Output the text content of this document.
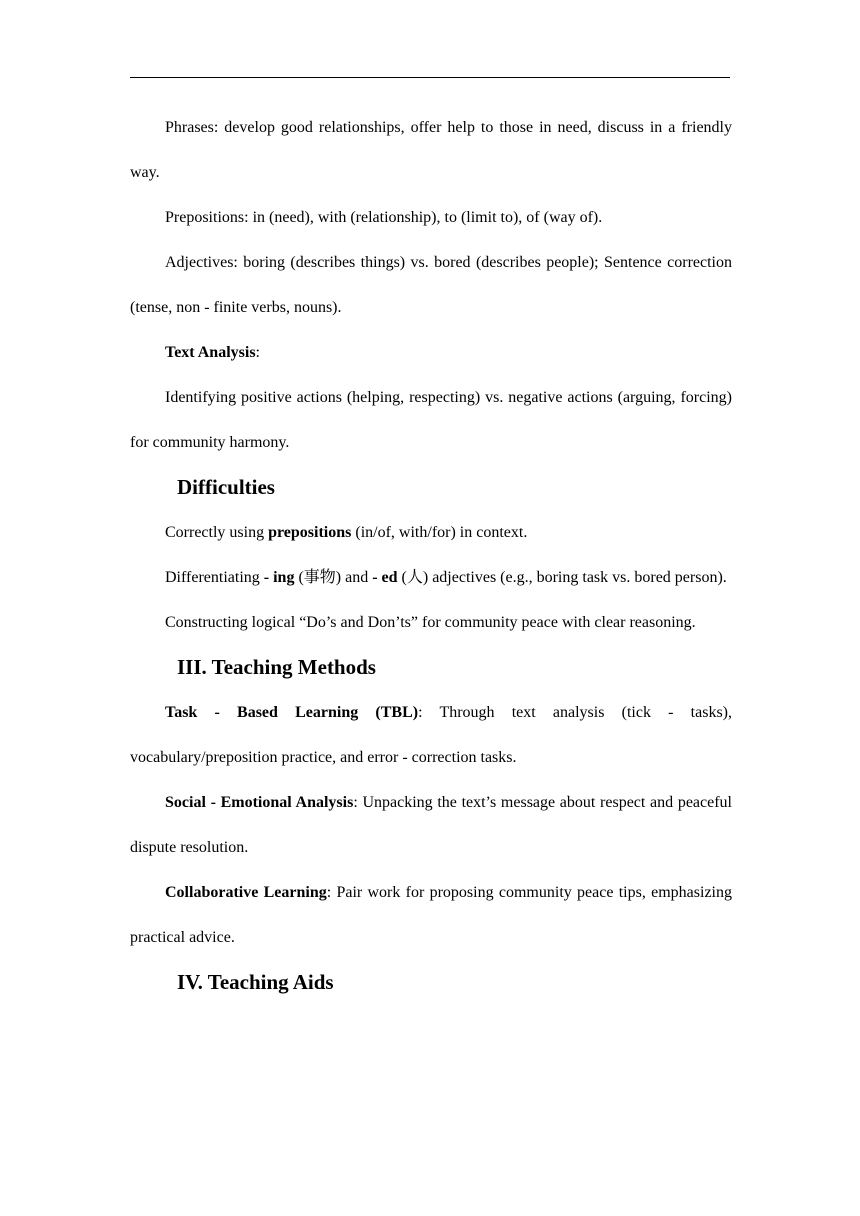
Phrases: develop good relationships, offer help to those in need, discuss in a friendly way.

Prepositions: in (need), with (relationship), to (limit to), of (way of).

Adjectives: boring (describes things) vs. bored (describes people); Sentence correction (tense, non - finite verbs, nouns).

Text Analysis:

Identifying positive actions (helping, respecting) vs. negative actions (arguing, forcing) for community harmony.

Difficulties

Correctly using prepositions (in/of, with/for) in context.

Differentiating - ing (事物) and - ed (人) adjectives (e.g., boring task vs. bored person).

Constructing logical “Do’s and Don’ts” for community peace with clear reasoning.

III. Teaching Methods

Task - Based Learning (TBL): Through text analysis (tick - tasks), vocabulary/preposition practice, and error - correction tasks.

Social - Emotional Analysis: Unpacking the text’s message about respect and peaceful dispute resolution.

Collaborative Learning: Pair work for proposing community peace tips, emphasizing practical advice.

IV. Teaching Aids
